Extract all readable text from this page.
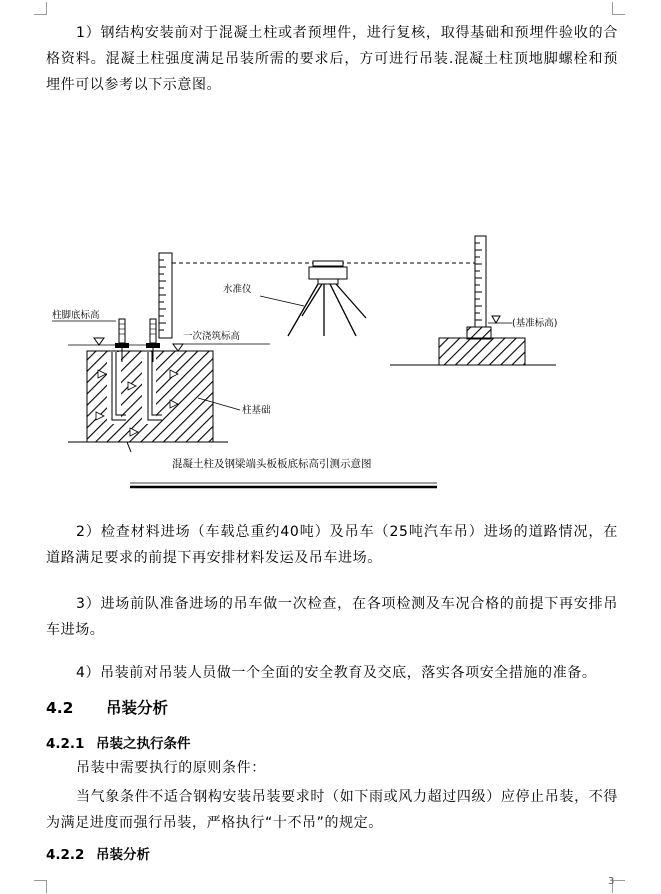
1）钢结构安装前对于混凝土柱或者预埋件，进行复核，取得基础和预埋件验收的合格资料。混凝土柱强度满足吊装所需的要求后，方可进行吊装.混凝土柱顶地脚螺栓和预埋件可以参考以下示意图。

水准仪
(基准标高)
柱脚底标高
一次浇筑标高
柱基础
混凝土柱及钢梁端头板板底标高引测示意图

2）检查材料进场（车载总重约40吨）及吊车（25吨汽车吊）进场的道路情况，在道路满足要求的前提下再安排材料发运及吊车进场。

3）进场前队准备进场的吊车做一次检查，在各项检测及车况合格的前提下再安排吊车进场。

4）吊装前对吊装人员做一个全面的安全教育及交底，落实各项安全措施的准备。

4.2 吊装分析
4.2.1 吊装之执行条件

吊装中需要执行的原则条件：

当气象条件不适合钢构安装吊装要求时（如下雨或风力超过四级）应停止吊装，不得为满足进度而强行吊装，严格执行“十不吊”的规定。

4.2.2 吊装分析
3
